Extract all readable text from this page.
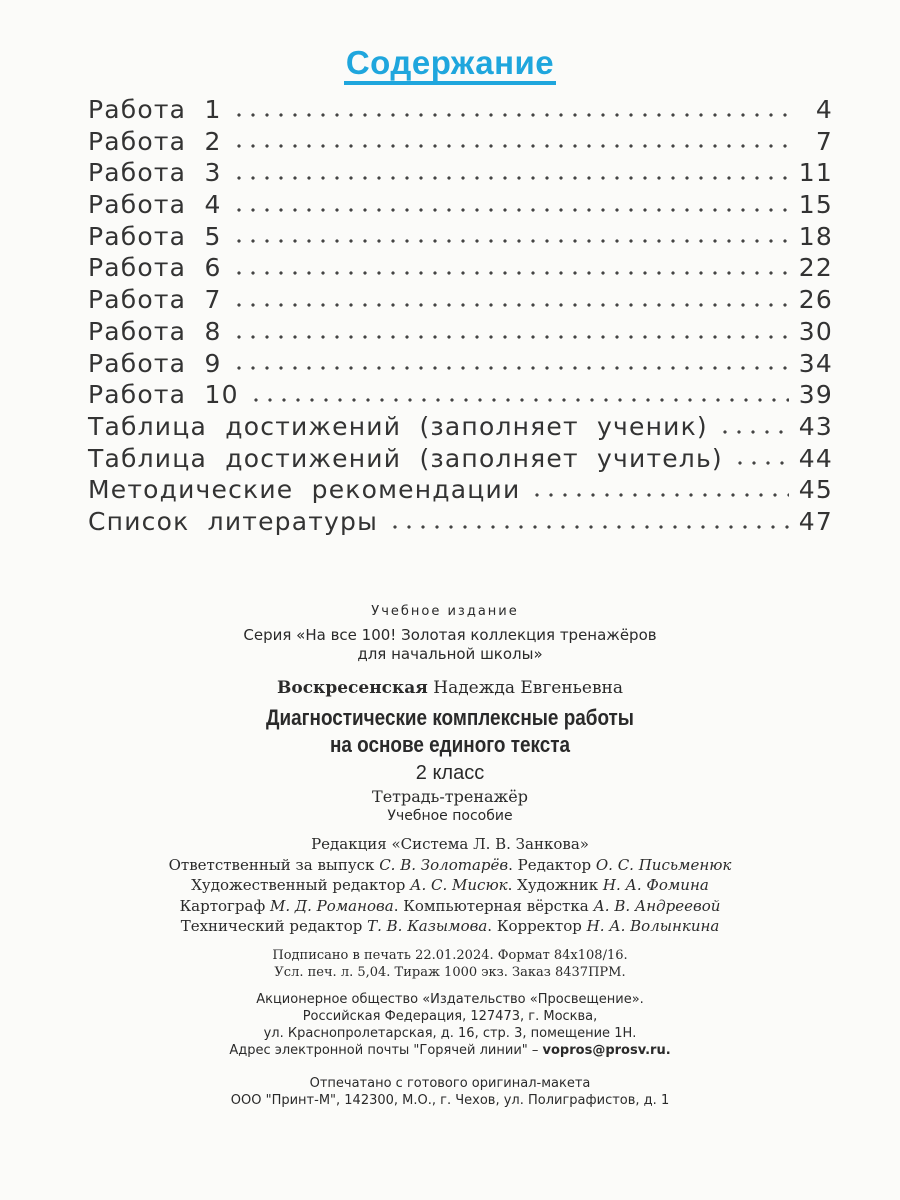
Содержание
Работа  1	4
Работа  2	7
Работа  3	11
Работа  4	15
Работа  5	18
Работа  6	22
Работа  7	26
Работа  8	30
Работа  9	34
Работа  10	39
Таблица  достижений  (заполняет  ученик)	43
Таблица  достижений  (заполняет  учитель)	44
Методические  рекомендации	45
Список  литературы	47
Учебное издание
Серия «На все 100! Золотая коллекция тренажёров
для начальной школы»
Воскресенская Надежда Евгеньевна
Диагностические комплексные работы
на основе единого текста
2 класс
Тетрадь-тренажёр
Учебное пособие
Редакция «Система Л. В. Занкова»
Ответственный за выпуск С. В. Золотарёв. Редактор О. С. Письменюк
Художественный редактор А. С. Мисюк. Художник Н. А. Фомина
Картограф М. Д. Романова. Компьютерная вёрстка А. В. Андреевой
Технический редактор Т. В. Казымова. Корректор Н. А. Волынкина
Подписано в печать 22.01.2024. Формат 84х108/16.
Усл. печ. л. 5,04. Тираж 1000 экз. Заказ 8437ПРМ.
Акционерное общество «Издательство «Просвещение».
Российская Федерация, 127473, г. Москва,
ул. Краснопролетарская, д. 16, стр. 3, помещение 1Н.
Адрес электронной почты "Горячей линии" – vopros@prosv.ru.
Отпечатано с готового оригинал-макета
ООО "Принт-М", 142300, М.О., г. Чехов, ул. Полиграфистов, д. 1
